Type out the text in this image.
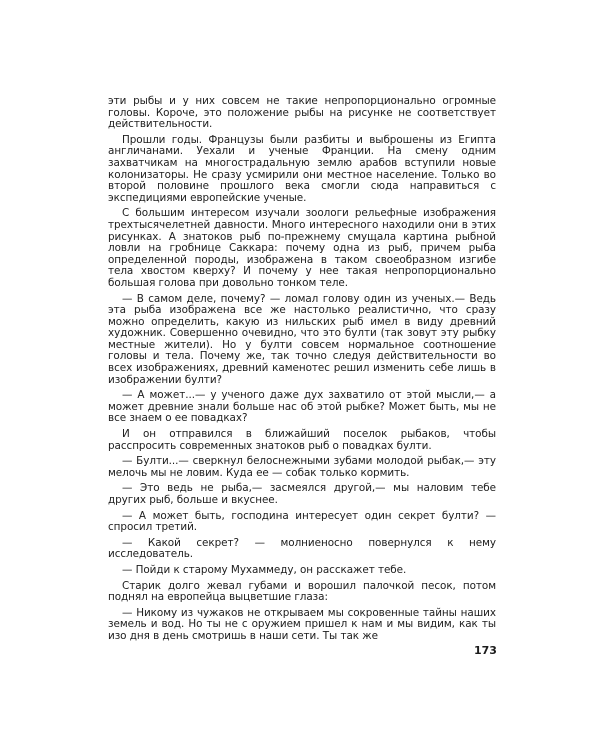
эти рыбы и у них совсем не такие непропорционально огромные головы. Короче, это положение рыбы на рисунке не соответствует действительности.

Прошли годы. Французы были разбиты и выброшены из Египта англичанами. Уехали и ученые Франции. На смену одним захватчикам на многострадальную землю арабов вступили новые колонизаторы. Не сразу усмирили они местное население. Только во второй половине прошлого века смогли сюда направиться с экспедициями европейские ученые.

С большим интересом изучали зоологи рельефные изображения трехтысячелетней давности. Много интересного находили они в этих рисунках. А знатоков рыб по-прежнему смущала картина рыбной ловли на гробнице Саккара: почему одна из рыб, причем рыба определенной породы, изображена в таком своеобразном изгибе тела хвостом кверху? И почему у нее такая непропорционально большая голова при довольно тонком теле.

— В самом деле, почему? — ломал голову один из ученых.— Ведь эта рыба изображена все же настолько реалистично, что сразу можно определить, какую из нильских рыб имел в виду древний художник. Совершенно очевидно, что это булти (так зовут эту рыбку местные жители). Но у булти совсем нормальное соотношение головы и тела. Почему же, так точно следуя действительности во всех изображениях, древний каменотес решил изменить себе лишь в изображении булти?

— А может...— у ученого даже дух захватило от этой мысли,— а может древние знали больше нас об этой рыбке? Может быть, мы не все знаем о ее повадках?

И он отправился в ближайший поселок рыбаков, чтобы расспросить современных знатоков рыб о повадках булти.

— Булти...— сверкнул белоснежными зубами молодой рыбак,— эту мелочь мы не ловим. Куда ее — собак только кормить.

— Это ведь не рыба,— засмеялся другой,— мы наловим тебе других рыб, больше и вкуснее.

— А может быть, господина интересует один секрет булти? — спросил третий.

— Какой секрет? — молниеносно повернулся к нему исследователь.

— Пойди к старому Мухаммеду, он расскажет тебе.

Старик долго жевал губами и ворошил палочкой песок, потом поднял на европейца выцветшие глаза:

— Никому из чужаков не открываем мы сокровенные тайны наших земель и вод. Но ты не с оружием пришел к нам и мы видим, как ты изо дня в день смотришь в наши сети. Ты так же

173
